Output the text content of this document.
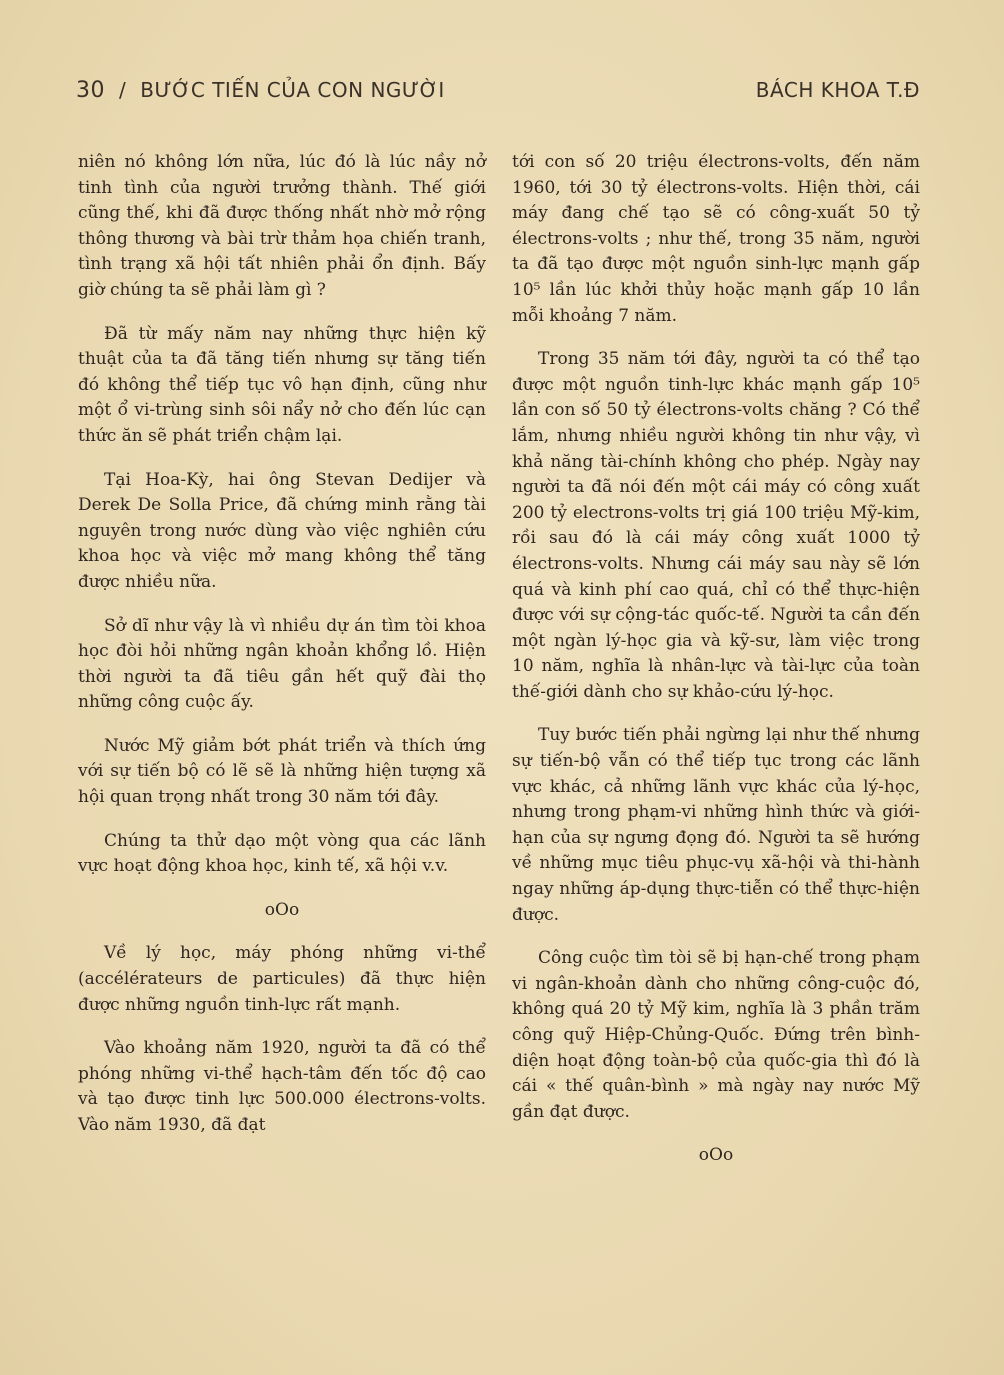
30 / BƯỚC TIẾN CỦA CON NGƯỜI	BÁCH KHOA T.Đ

niên nó không lớn nữa, lúc đó là lúc nầy nở tinh tình của người trưởng thành. Thế giới cũng thế, khi đã được thống nhất nhờ mở rộng thông thương và bài trừ thảm họa chiến tranh, tình trạng xã hội tất nhiên phải ổn định. Bấy giờ chúng ta sẽ phải làm gì ?

Đã từ mấy năm nay những thực hiện kỹ thuật của ta đã tăng tiến nhưng sự tăng tiến đó không thể tiếp tục vô hạn định, cũng như một ổ vi-trùng sinh sôi nẩy nở cho đến lúc cạn thức ăn sẽ phát triển chậm lại.

Tại Hoa-Kỳ, hai ông Stevan Dedijer và Derek De Solla Price, đã chứng minh rằng tài nguyên trong nước dùng vào việc nghiên cứu khoa học và việc mở mang không thể tăng được nhiều nữa.

Sở dĩ như vậy là vì nhiều dự án tìm tòi khoa học đòi hỏi những ngân khoản khổng lồ. Hiện thời người ta đã tiêu gần hết quỹ đài thọ những công cuộc ấy.

Nước Mỹ giảm bớt phát triển và thích ứng với sự tiến bộ có lẽ sẽ là những hiện tượng xã hội quan trọng nhất trong 30 năm tới đây.

Chúng ta thử dạo một vòng qua các lãnh vực hoạt động khoa học, kinh tế, xã hội v.v.

oOo

Về lý học, máy phóng những vi-thể (accélérateurs de particules) đã thực hiện được những nguồn tinh-lực rất mạnh.

Vào khoảng năm 1920, người ta đã có thể phóng những vi-thể hạch-tâm đến tốc độ cao và tạo được tinh lực 500.000 électrons-volts. Vào năm 1930, đã đạt

tới con số 20 triệu électrons-volts, đến năm 1960, tới 30 tỷ électrons-volts. Hiện thời, cái máy đang chế tạo sẽ có công-xuất 50 tỷ électrons-volts ; như thế, trong 35 năm, người ta đã tạo được một nguồn sinh-lực mạnh gấp 10⁵ lần lúc khởi thủy hoặc mạnh gấp 10 lần mỗi khoảng 7 năm.

Trong 35 năm tới đây, người ta có thể tạo được một nguồn tinh-lực khác mạnh gấp 10⁵ lần con số 50 tỷ électrons-volts chăng ? Có thể lắm, nhưng nhiều người không tin như vậy, vì khả năng tài-chính không cho phép. Ngày nay người ta đã nói đến một cái máy có công xuất 200 tỷ electrons-volts trị giá 100 triệu Mỹ-kim, rồi sau đó là cái máy công xuất 1000 tỷ électrons-volts. Nhưng cái máy sau này sẽ lớn quá và kinh phí cao quá, chỉ có thể thực-hiện được với sự cộng-tác quốc-tế. Người ta cần đến một ngàn lý-học gia và kỹ-sư, làm việc trong 10 năm, nghĩa là nhân-lực và tài-lực của toàn thế-giới dành cho sự khảo-cứu lý-học.

Tuy bước tiến phải ngừng lại như thế nhưng sự tiến-bộ vẫn có thể tiếp tục trong các lãnh vực khác, cả những lãnh vực khác của lý-học, nhưng trong phạm-vi những hình thức và giới-hạn của sự ngưng đọng đó. Người ta sẽ hướng về những mục tiêu phục-vụ xã-hội và thi-hành ngay những áp-dụng thực-tiễn có thể thực-hiện được.

Công cuộc tìm tòi sẽ bị hạn-chế trong phạm vi ngân-khoản dành cho những công-cuộc đó, không quá 20 tỷ Mỹ kim, nghĩa là 3 phần trăm công quỹ Hiệp-Chủng-Quốc. Đứng trên bình-diện hoạt động toàn-bộ của quốc-gia thì đó là cái « thế quân-bình » mà ngày nay nước Mỹ gần đạt được.

oOo
